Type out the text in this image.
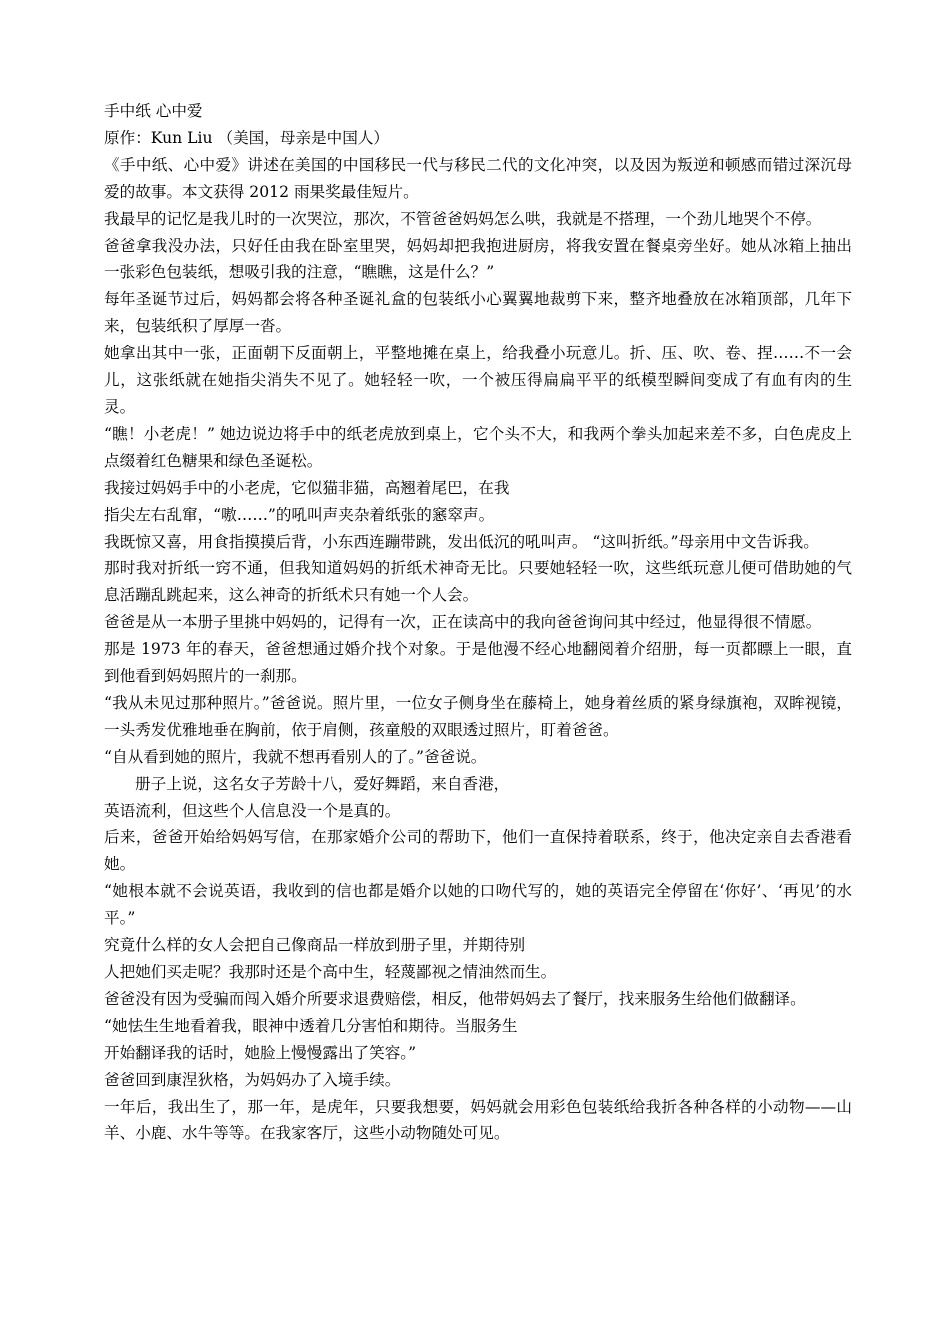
手中纸 心中爱

原作：Kun Liu （美国，母亲是中国人）

《手中纸、心中爱》讲述在美国的中国移民一代与移民二代的文化冲突，以及因为叛逆和顿感而错过深沉母爱的故事。本文获得 2012 雨果奖最佳短片。

我最早的记忆是我儿时的一次哭泣，那次，不管爸爸妈妈怎么哄，我就是不搭理，一个劲儿地哭个不停。

爸爸拿我没办法，只好任由我在卧室里哭，妈妈却把我抱进厨房，将我安置在餐桌旁坐好。她从冰箱上抽出一张彩色包装纸，想吸引我的注意，“瞧瞧，这是什么？”

每年圣诞节过后，妈妈都会将各种圣诞礼盒的包装纸小心翼翼地裁剪下来，整齐地叠放在冰箱顶部，几年下来，包装纸积了厚厚一沓。

她拿出其中一张，正面朝下反面朝上，平整地摊在桌上，给我叠小玩意儿。折、压、吹、卷、捏……不一会儿，这张纸就在她指尖消失不见了。她轻轻一吹，一个被压得扁扁平平的纸模型瞬间变成了有血有肉的生灵。

“瞧！小老虎！” 她边说边将手中的纸老虎放到桌上，它个头不大，和我两个拳头加起来差不多，白色虎皮上点缀着红色糖果和绿色圣诞松。

我接过妈妈手中的小老虎，它似猫非猫，高翘着尾巴，在我

指尖左右乱窜，“嗷……”的吼叫声夹杂着纸张的窸窣声。

我既惊又喜，用食指摸摸后背，小东西连蹦带跳，发出低沉的吼叫声。 “这叫折纸。”母亲用中文告诉我。

那时我对折纸一窍不通，但我知道妈妈的折纸术神奇无比。只要她轻轻一吹，这些纸玩意儿便可借助她的气息活蹦乱跳起来，这么神奇的折纸术只有她一个人会。

爸爸是从一本册子里挑中妈妈的，记得有一次，正在读高中的我向爸爸询问其中经过，他显得很不情愿。

那是 1973 年的春天，爸爸想通过婚介找个对象。于是他漫不经心地翻阅着介绍册，每一页都瞟上一眼，直到他看到妈妈照片的一刹那。

“我从未见过那种照片。”爸爸说。照片里，一位女子侧身坐在藤椅上，她身着丝质的紧身绿旗袍，双眸视镜，一头秀发优雅地垂在胸前，依于肩侧，孩童般的双眼透过照片，盯着爸爸。

“自从看到她的照片，我就不想再看别人的了。”爸爸说。

册子上说，这名女子芳龄十八，爱好舞蹈，来自香港，

英语流利，但这些个人信息没一个是真的。

后来，爸爸开始给妈妈写信，在那家婚介公司的帮助下，他们一直保持着联系，终于，他决定亲自去香港看她。

“她根本就不会说英语，我收到的信也都是婚介以她的口吻代写的，她的英语完全停留在‘你好’、‘再见’的水平。”

究竟什么样的女人会把自己像商品一样放到册子里，并期待别

人把她们买走呢？我那时还是个高中生，轻蔑鄙视之情油然而生。

爸爸没有因为受骗而闯入婚介所要求退费赔偿，相反，他带妈妈去了餐厅，找来服务生给他们做翻译。

“她怯生生地看着我，眼神中透着几分害怕和期待。当服务生

开始翻译我的话时，她脸上慢慢露出了笑容。”

爸爸回到康涅狄格，为妈妈办了入境手续。

一年后，我出生了，那一年，是虎年，只要我想要，妈妈就会用彩色包装纸给我折各种各样的小动物——山羊、小鹿、水牛等等。在我家客厅，这些小动物随处可见。
